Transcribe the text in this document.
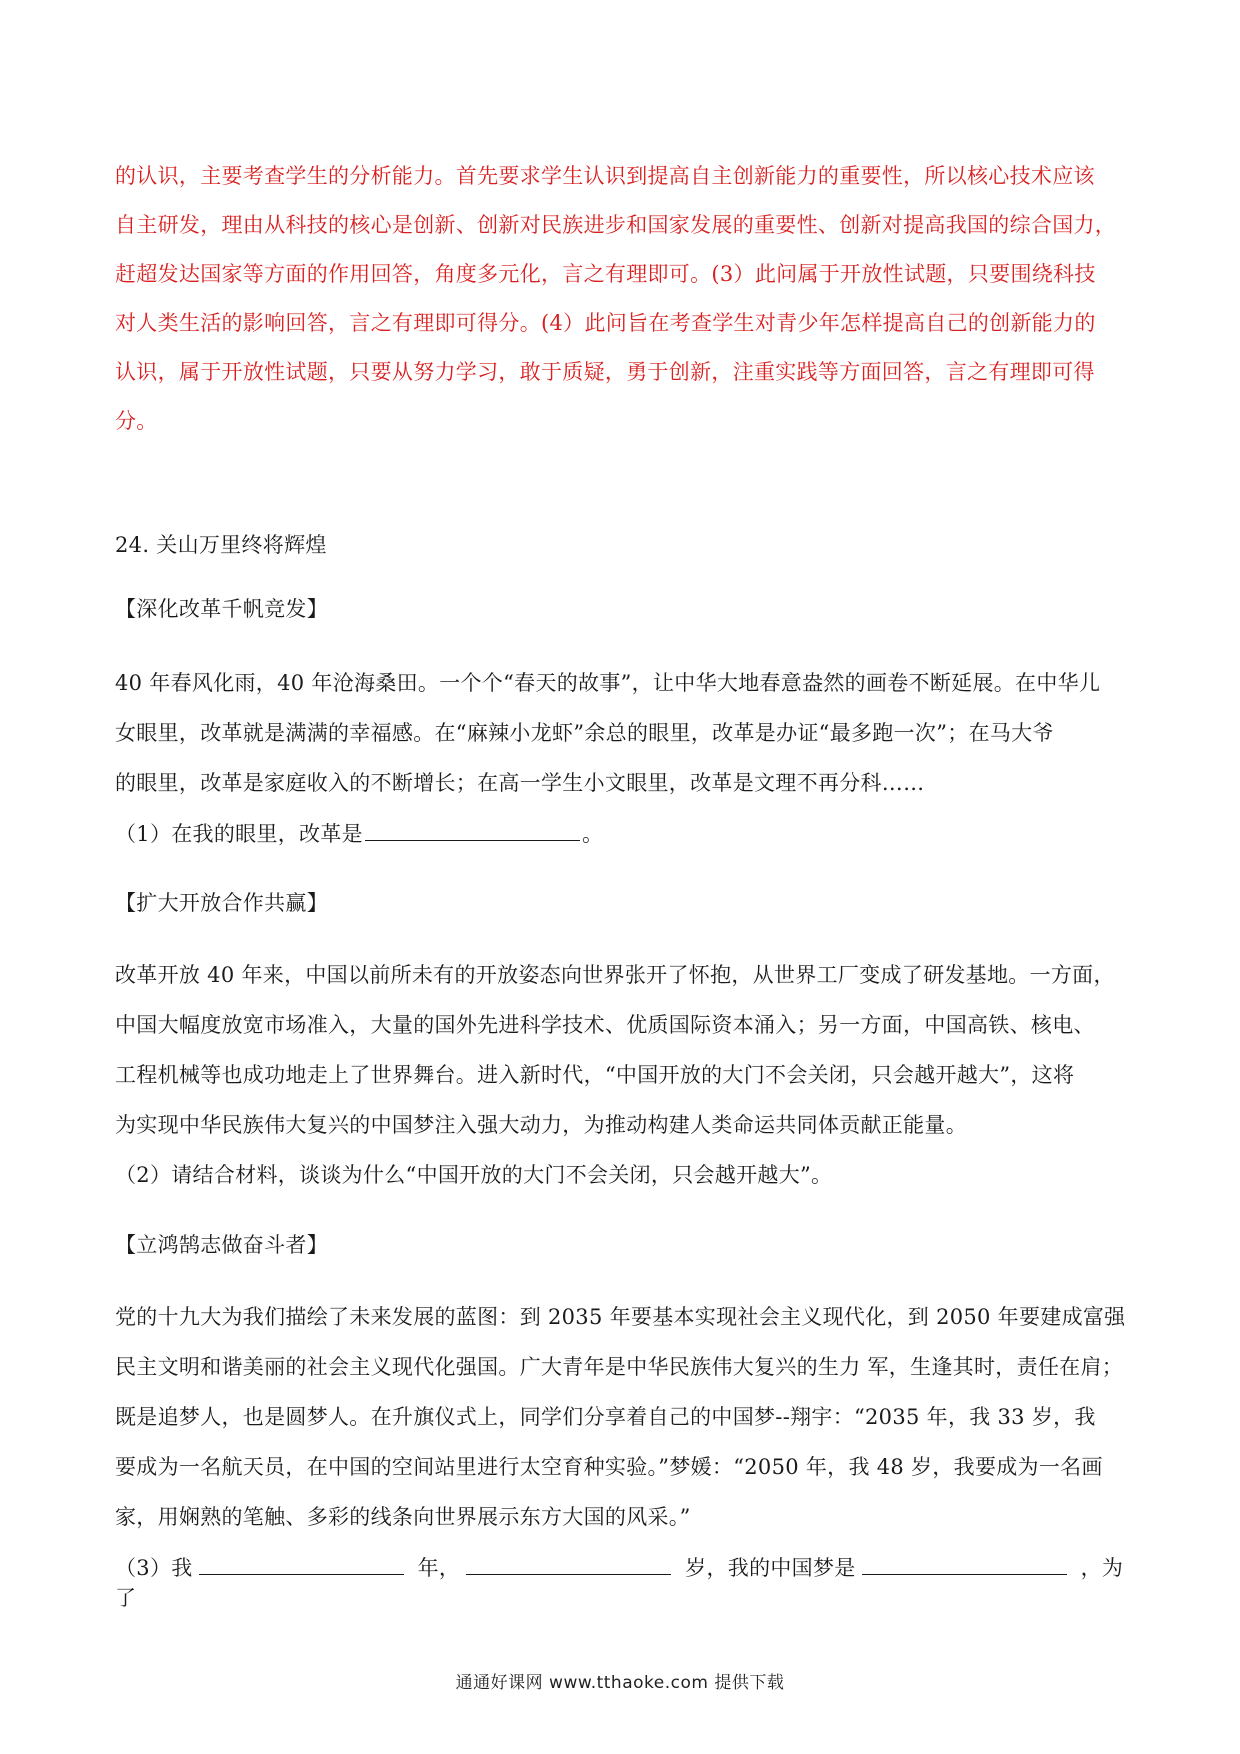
的认识，主要考查学生的分析能力。首先要求学生认识到提高自主创新能力的重要性，所以核心技术应该
自主研发，理由从科技的核心是创新、创新对民族进步和国家发展的重要性、创新对提高我国的综合国力，
赶超发达国家等方面的作用回答，角度多元化，言之有理即可。(3）此问属于开放性试题，只要围绕科技
对人类生活的影响回答，言之有理即可得分。(4）此问旨在考查学生对青少年怎样提高自己的创新能力的
认识，属于开放性试题，只要从努力学习，敢于质疑，勇于创新，注重实践等方面回答，言之有理即可得
分。
24. 关山万里终将辉煌
【深化改革千帆竞发】
40 年春风化雨，40 年沧海桑田。一个个“春天的故事”，让中华大地春意盎然的画卷不断延展。在中华儿
女眼里，改革就是满满的幸福感。在“麻辣小龙虾”余总的眼里，改革是办证“最多跑一次”；在马大爷
的眼里，改革是家庭收入的不断增长；在高一学生小文眼里，改革是文理不再分科……
（1）在我的眼里，改革是	。
【扩大开放合作共赢】
改革开放 40 年来，中国以前所未有的开放姿态向世界张开了怀抱，从世界工厂变成了研发基地。一方面，
中国大幅度放宽市场准入，大量的国外先进科学技术、优质国际资本涌入；另一方面，中国高铁、核电、
工程机械等也成功地走上了世界舞台。进入新时代，“中国开放的大门不会关闭，只会越开越大”，这将
为实现中华民族伟大复兴的中国梦注入强大动力，为推动构建人类命运共同体贡献正能量。
（2）请结合材料，谈谈为什么“中国开放的大门不会关闭，只会越开越大”。
【立鸿鹄志做奋斗者】
党的十九大为我们描绘了未来发展的蓝图：到 2035 年要基本实现社会主义现代化，到 2050 年要建成富强
民主文明和谐美丽的社会主义现代化强国。广大青年是中华民族伟大复兴的生力 军，生逢其时，责任在肩；
既是追梦人，也是圆梦人。在升旗仪式上，同学们分享着自己的中国梦--翔宇：“2035 年，我 33 岁，我
要成为一名航天员，在中国的空间站里进行太空育种实验。”梦媛：“2050 年，我 48 岁，我要成为一名画
家，用娴熟的笔触、多彩的线条向世界展示东方大国的风采。”
（3）我	年，	岁，我的中国梦是	，为了
通通好课网 www.tthaoke.com 提供下载
